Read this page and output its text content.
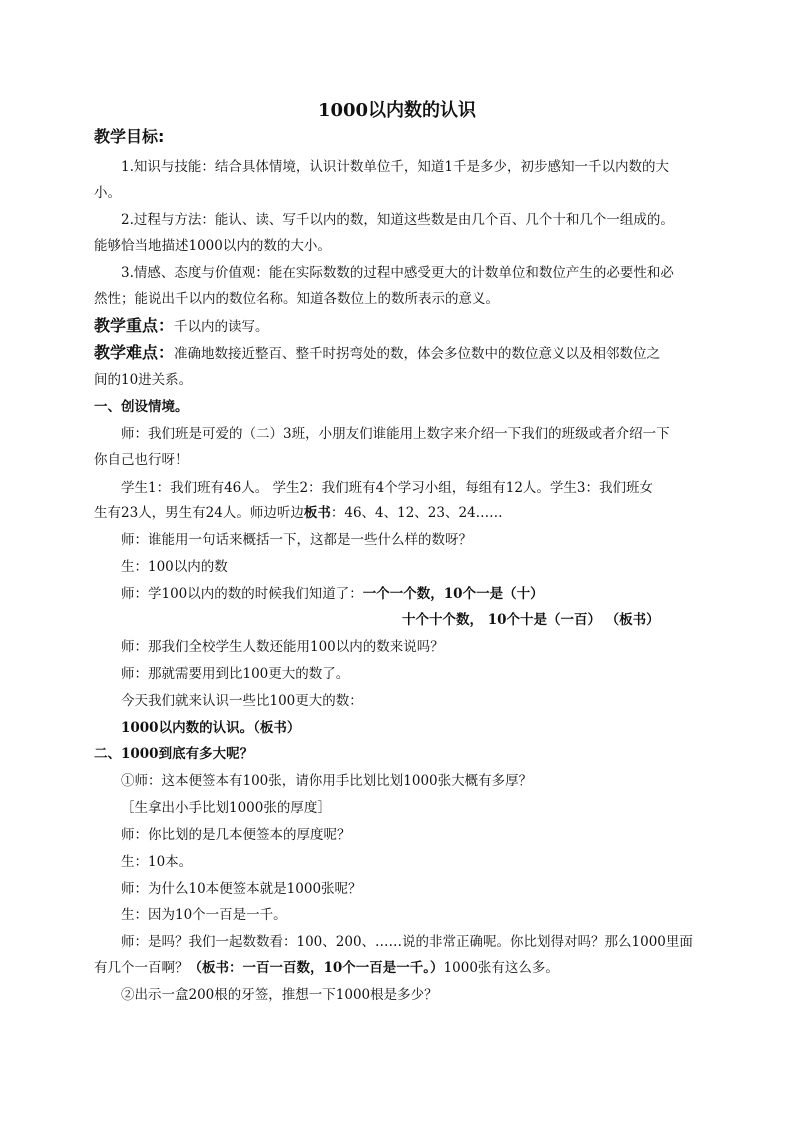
1000以内数的认识
教学目标:
1.知识与技能：结合具体情境，认识计数单位千，知道1千是多少，初步感知一千以内数的大
小。
2.过程与方法：能认、读、写千以内的数，知道这些数是由几个百、几个十和几个一组成的。
能够恰当地描述1000以内的数的大小。
3.情感、态度与价值观：能在实际数数的过程中感受更大的计数单位和数位产生的必要性和必
然性；能说出千以内的数位名称。知道各数位上的数所表示的意义。
教学重点：千以内的读写。
教学难点：准确地数接近整百、整千时拐弯处的数，体会多位数中的数位意义以及相邻数位之
间的10进关系。
一、创设情境。
师：我们班是可爱的（二）3班，小朋友们谁能用上数字来介绍一下我们的班级或者介绍一下
你自己也行呀！
学生1：我们班有46人。 学生2：我们班有4个学习小组，每组有12人。学生3：我们班女
生有23人，男生有24人。师边听边板书：46、4、12、23、24……
师：谁能用一句话来概括一下，这都是一些什么样的数呀？
生：100以内的数
师：学100以内的数的时候我们知道了：一个一个数，10个一是（十）
十个十个数， 10个十是（一百） （板书）
师：那我们全校学生人数还能用100以内的数来说吗？
师：那就需要用到比100更大的数了。
今天我们就来认识一些比100更大的数：
1000以内数的认识。（板书）
二、1000到底有多大呢？
①师：这本便签本有100张，请你用手比划比划1000张大概有多厚？
［生拿出小手比划1000张的厚度］
师：你比划的是几本便签本的厚度呢？
生：10本。
师：为什么10本便签本就是1000张呢？
生：因为10个一百是一千。
师：是吗？我们一起数数看：100、200、……说的非常正确呢。你比划得对吗？那么1000里面
有几个一百啊？（板书：一百一百数，10个一百是一千。）1000张有这么多。
②出示一盒200根的牙签，推想一下1000根是多少？
